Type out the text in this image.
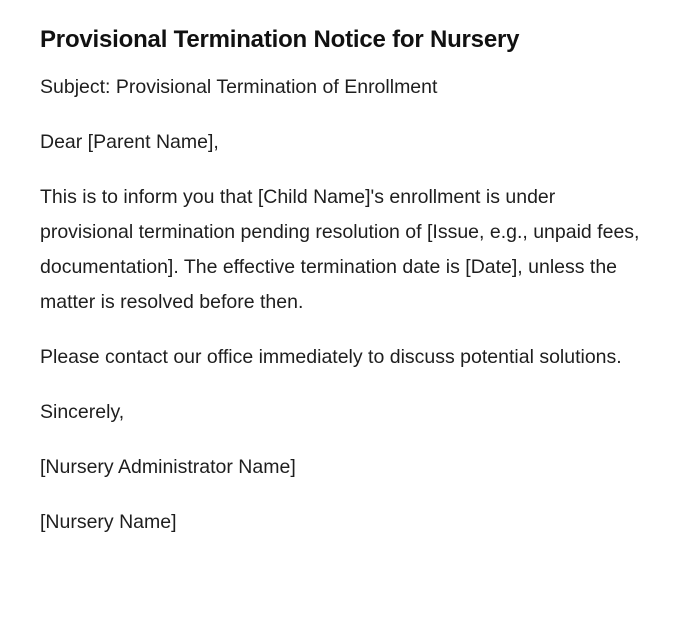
Provisional Termination Notice for Nursery

Subject: Provisional Termination of Enrollment

Dear [Parent Name],

This is to inform you that [Child Name]'s enrollment is under provisional termination pending resolution of [Issue, e.g., unpaid fees, documentation]. The effective termination date is [Date], unless the matter is resolved before then.

Please contact our office immediately to discuss potential solutions.

Sincerely,

[Nursery Administrator Name]

[Nursery Name]
